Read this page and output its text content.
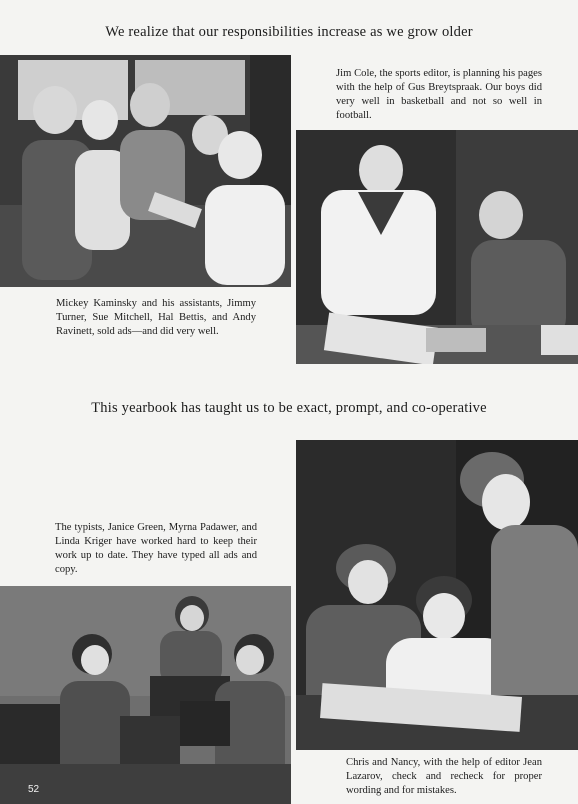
We realize that our responsibilities increase as we grow older
This yearbook has taught us to be exact, prompt, and co-operative
Mickey Kaminsky and his assistants, Jimmy Turner, Sue Mitchell, Hal Bettis, and Andy Ravinett, sold ads—and did very well.
Jim Cole, the sports editor, is planning his pages with the help of Gus Breytspraak. Our boys did very well in basketball and not so well in football.
The typists, Janice Green, Myrna Padawer, and Linda Kriger have worked hard to keep their work up to date. They have typed all ads and copy.
Chris and Nancy, with the help of editor Jean Lazarov, check and recheck for proper wording and for mistakes.
52
